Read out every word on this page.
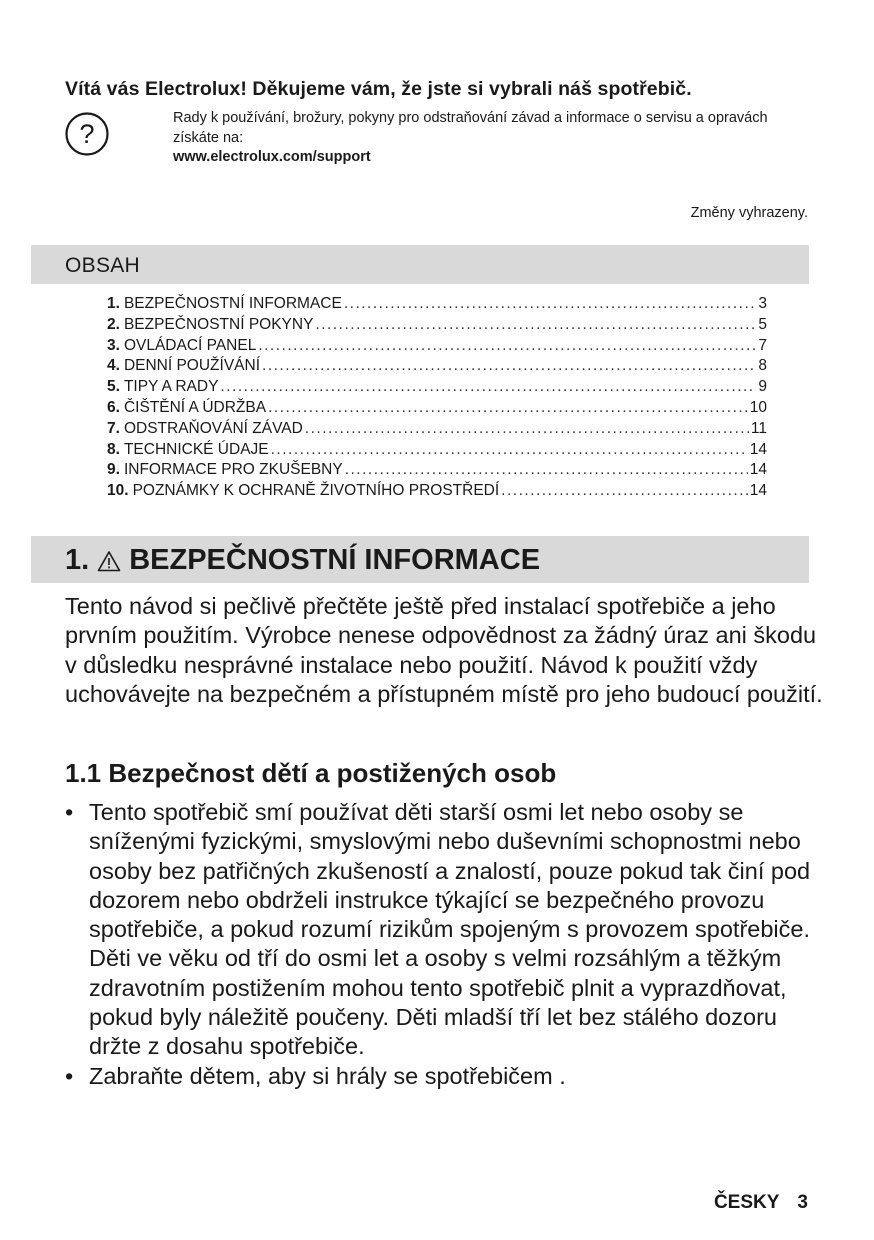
Vítá vás Electrolux! Děkujeme vám, že jste si vybrali náš spotřebič.
?
Rady k používání, brožury, pokyny pro odstraňování závad a informace o servisu a opravách získáte na:
www.electrolux.com/support
Změny vyhrazeny.
OBSAH
1. BEZPEČNOSTNÍ INFORMACE .....	3
2. BEZPEČNOSTNÍ POKYNY .....	5
3. OVLÁDACÍ PANEL .....	7
4. DENNÍ POUŽÍVÁNÍ .....	8
5. TIPY A RADY .....	9
6. ČIŠTĚNÍ A ÚDRŽBA .....	10
7. ODSTRAŇOVÁNÍ ZÁVAD .....	11
8. TECHNICKÉ ÚDAJE .....	14
9. INFORMACE PRO ZKUŠEBNY .....	14
10. POZNÁMKY K OCHRANĚ ŽIVOTNÍHO PROSTŘEDÍ .....	14
1. BEZPEČNOSTNÍ INFORMACE
Tento návod si pečlivě přečtěte ještě před instalací spotřebiče a jeho prvním použitím. Výrobce nenese odpovědnost za žádný úraz ani škodu v důsledku nesprávné instalace nebo použití. Návod k použití vždy uchovávejte na bezpečném a přístupném místě pro jeho budoucí použití.
1.1 Bezpečnost dětí a postižených osob
• Tento spotřebič smí používat děti starší osmi let nebo osoby se sníženými fyzickými, smyslovými nebo duševními schopnostmi nebo osoby bez patřičných zkušeností a znalostí, pouze pokud tak činí pod dozorem nebo obdrželi instrukce týkající se bezpečného provozu spotřebiče, a pokud rozumí rizikům spojeným s provozem spotřebiče. Děti ve věku od tří do osmi let a osoby s velmi rozsáhlým a těžkým zdravotním postižením mohou tento spotřebič plnit a vyprazdňovat, pokud byly náležitě poučeny. Děti mladší tří let bez stálého dozoru držte z dosahu spotřebiče.
• Zabraňte dětem, aby si hrály se spotřebičem .
ČESKY 3
